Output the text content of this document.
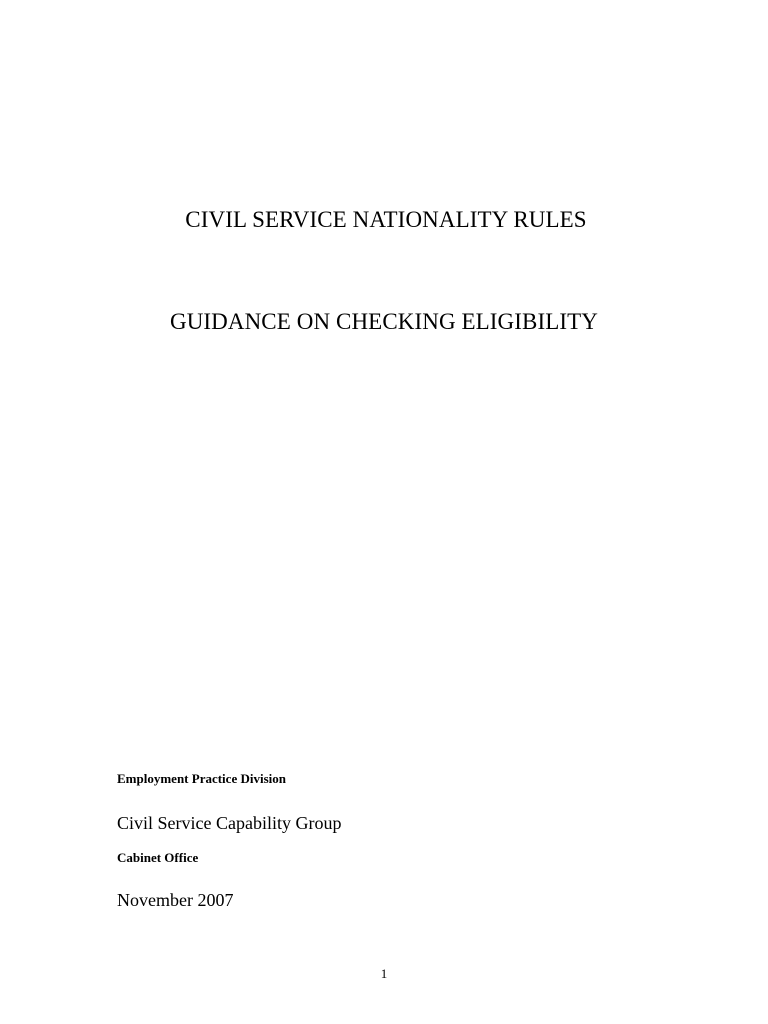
CIVIL SERVICE NATIONALITY RULES
GUIDANCE ON CHECKING ELIGIBILITY
Employment Practice Division
Civil Service Capability Group
Cabinet Office
November 2007
1
